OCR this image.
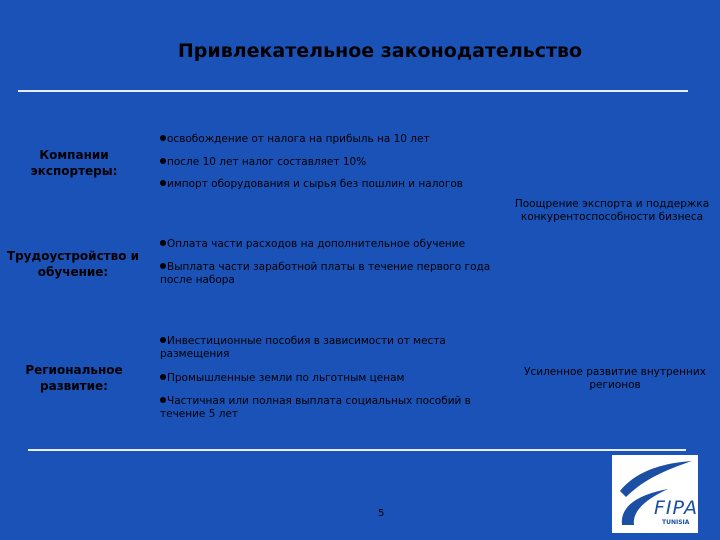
Привлекательное законодательство
Компании экспортеры:
освобождение от налога на прибыль на 10 лет
после 10 лет налог составляет 10%
импорт оборудования и сырья без пошлин и налогов
Поощрение экспорта и поддержка конкурентоспособности бизнеса
Трудоустройство и обучение:
Оплата части расходов на дополнительное обучение
Выплата части заработной платы в течение первого года после набора
Региональное развитие:
Инвестиционные пособия в зависимости от места размещения
Промышленные земли по льготным ценам
Частичная или полная выплата социальных пособий в течение 5 лет
Усиленное развитие внутренних регионов
5	FIPA
TUNISIA
